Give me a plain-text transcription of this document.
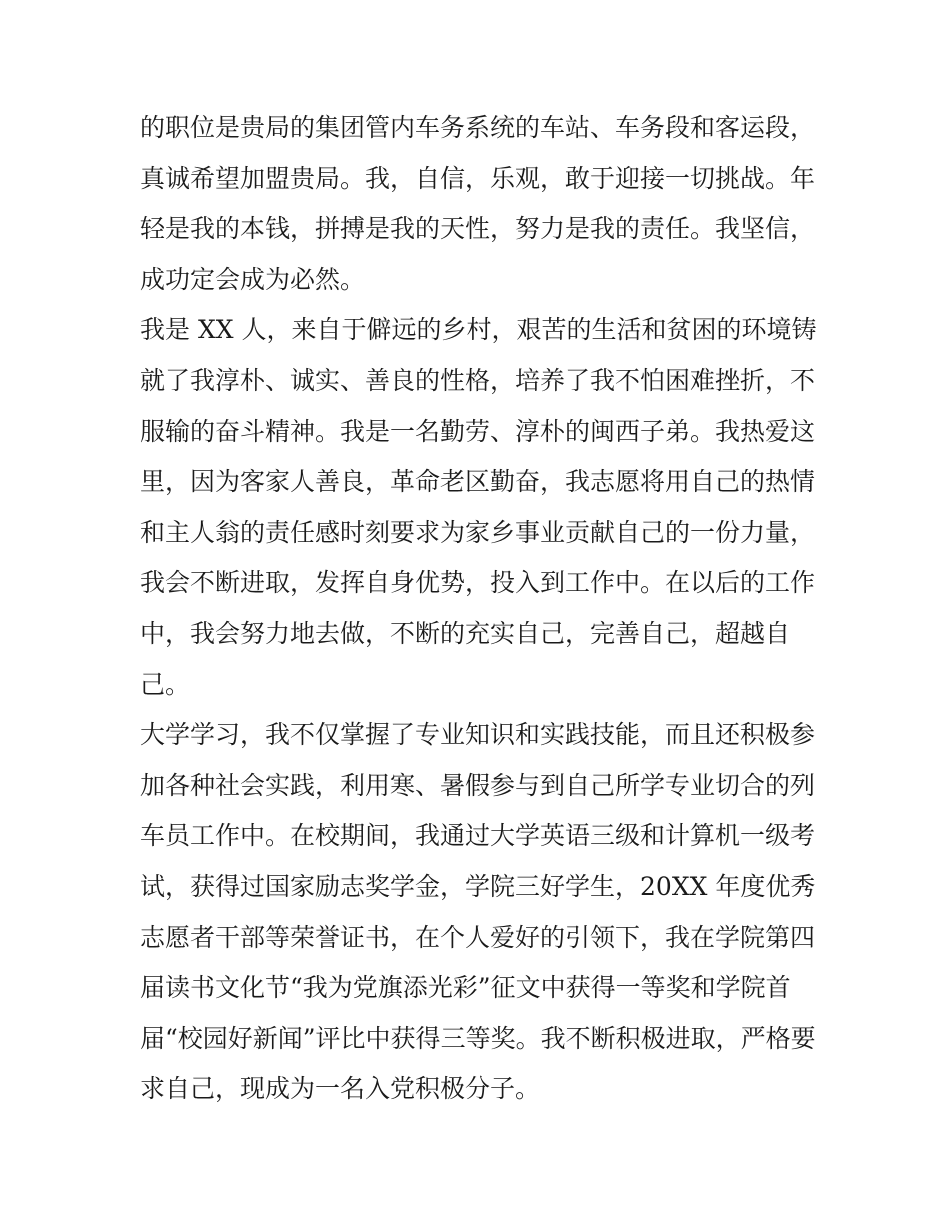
的职位是贵局的集团管内车务系统的车站、车务段和客运段，
真诚希望加盟贵局。我，自信，乐观，敢于迎接一切挑战。年
轻是我的本钱，拼搏是我的天性，努力是我的责任。我坚信，
成功定会成为必然。
我是 XX 人，来自于僻远的乡村，艰苦的生活和贫困的环境铸
就了我淳朴、诚实、善良的性格，培养了我不怕困难挫折，不
服输的奋斗精神。我是一名勤劳、淳朴的闽西子弟。我热爱这
里，因为客家人善良，革命老区勤奋，我志愿将用自己的热情
和主人翁的责任感时刻要求为家乡事业贡献自己的一份力量，
我会不断进取，发挥自身优势，投入到工作中。在以后的工作
中，我会努力地去做，不断的充实自己，完善自己，超越自
己。
大学学习，我不仅掌握了专业知识和实践技能，而且还积极参
加各种社会实践，利用寒、暑假参与到自己所学专业切合的列
车员工作中。在校期间，我通过大学英语三级和计算机一级考
试，获得过国家励志奖学金，学院三好学生，20XX 年度优秀
志愿者干部等荣誉证书，在个人爱好的引领下，我在学院第四
届读书文化节“我为党旗添光彩”征文中获得一等奖和学院首
届“校园好新闻”评比中获得三等奖。我不断积极进取，严格要
求自己，现成为一名入党积极分子。
